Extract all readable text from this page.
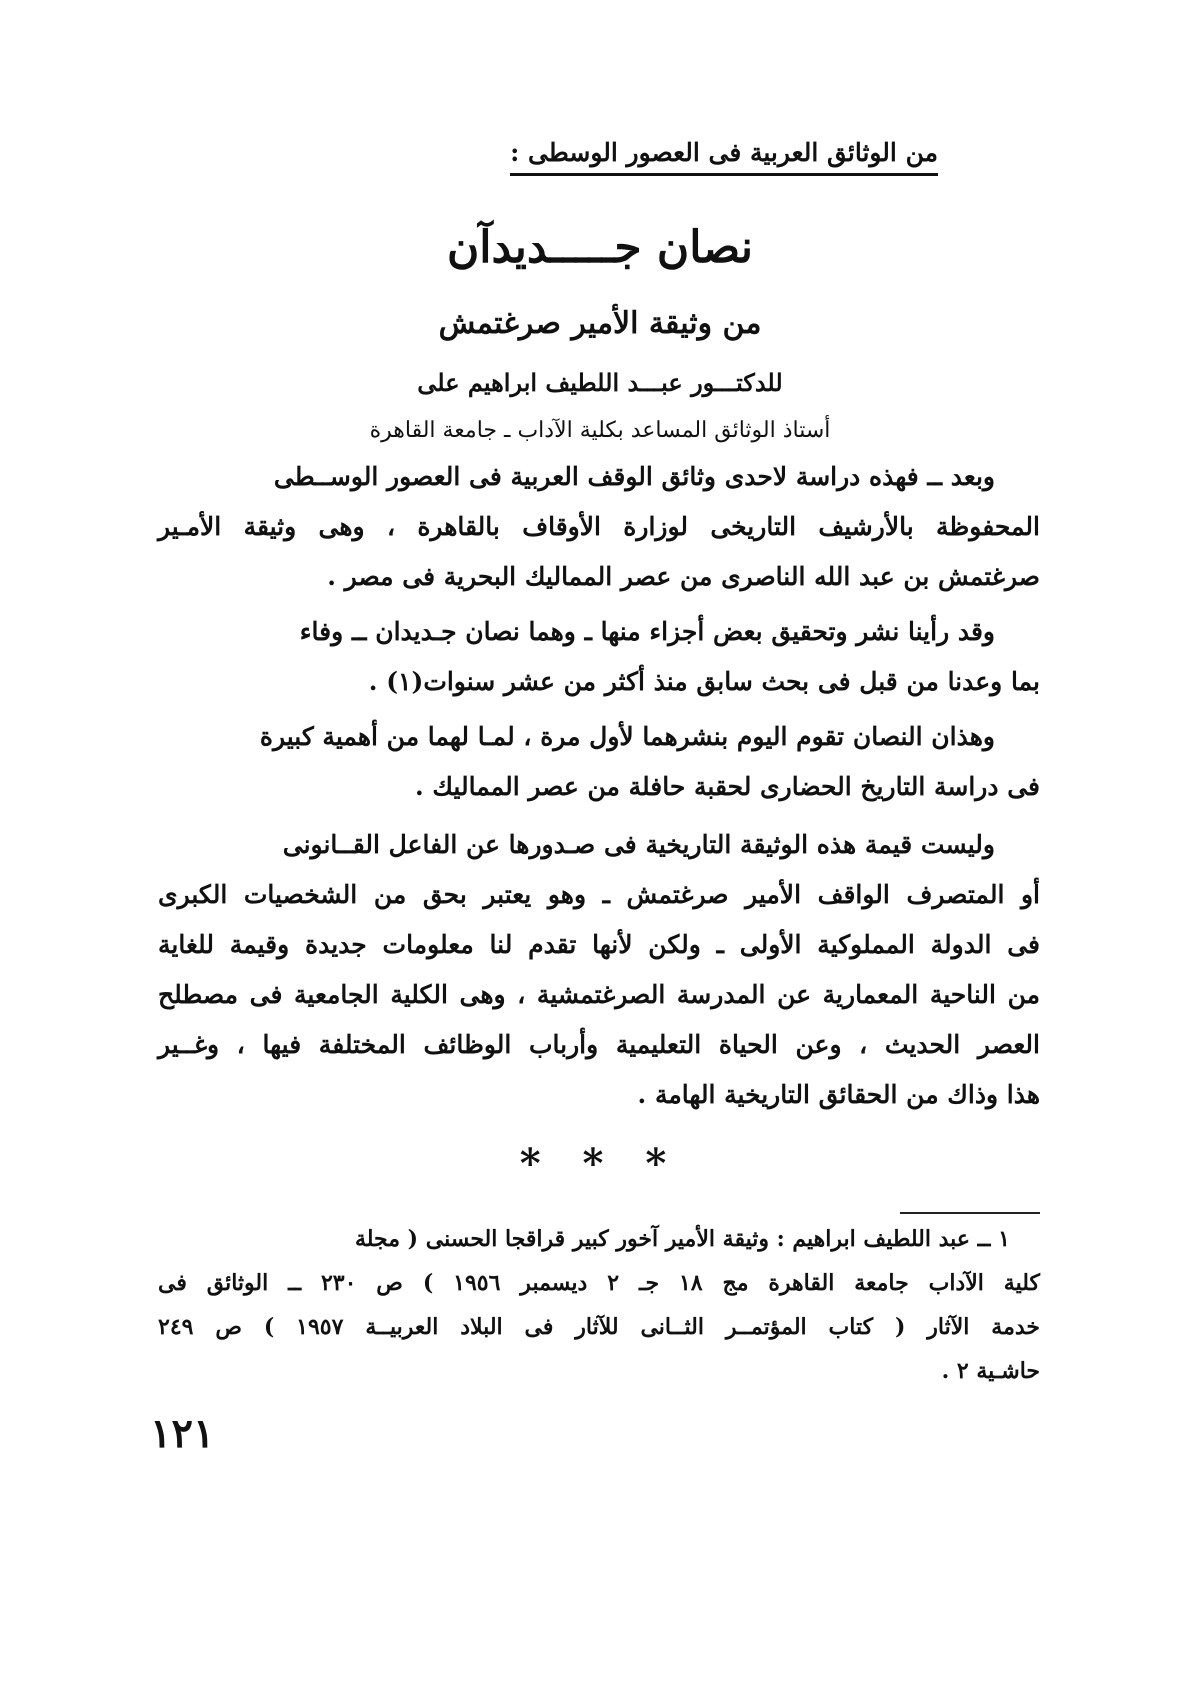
من الوثائق العربية فى العصور الوسطى :
نصان جـــــديدآن
من وثيقة الأمير صرغتمش
للدكتـــور عبـــد اللطيف ابراهيم على
أستاذ الوثائق المساعد بكلية الآداب ـ جامعة القاهرة
وبعد ــ فهذه دراسة لاحدى وثائق الوقف العربية فى العصور الوســطى
المحفوظة بالأرشيف التاريخى لوزارة الأوقاف بالقاهرة ، وهى وثيقة الأمـير
صرغتمش بن عبد الله الناصرى من عصر المماليك البحرية فى مصر .
وقد رأينا نشر وتحقيق بعض أجزاء منها ـ وهما نصان جـديدان ــ وفاء
بما وعدنا من قبل فى بحث سابق منذ أكثر من عشر سنوات(١) .
وهذان النصان تقوم اليوم بنشرهما لأول مرة ، لمـا لهما من أهمية كبيرة
فى دراسة التاريخ الحضارى لحقبة حافلة من عصر المماليك .
وليست قيمة هذه الوثيقة التاريخية فى صـدورها عن الفاعل القــانونى
أو المتصرف الواقف الأمير صرغتمش ـ وهو يعتبر بحق من الشخصيات الكبرى
فى الدولة المملوكية الأولى ـ ولكن لأنها تقدم لنا معلومات جديدة وقيمة للغاية
من الناحية المعمارية عن المدرسة الصرغتمشية ، وهى الكلية الجامعية فى مصطلح
العصر الحديث ، وعن الحياة التعليمية وأرباب الوظائف المختلفة فيها ، وغــير
هذا وذاك من الحقائق التاريخية الهامة .
* * *
١ ــ عبد اللطيف ابراهيم : وثيقة الأمير آخور كبير قراقجا الحسنى ( مجلة
كلية الآداب جامعة القاهرة مج ١٨ جـ ٢ ديسمبر ١٩٥٦ ) ص ٢٣٠ ــ الوثائق فى
خدمة الآثار ( كتاب المؤتمــر الثــانى للآثار فى البلاد العربيــة ١٩٥٧ ) ص ٢٤٩
حاشـية ٢ .
١٢١
